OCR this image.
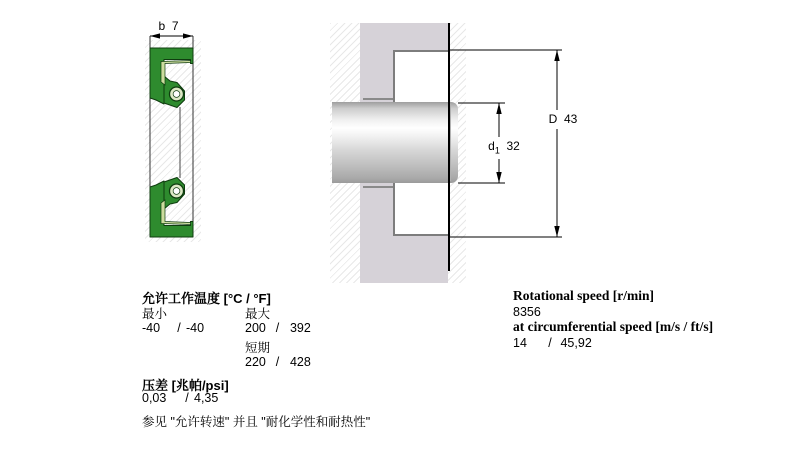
b 7
D 43
$d_1$ 32
允许工作温度 [°C / °F]
最小	最大
-40 / -40	200 / 392
短期
220 / 428
压差 [兆帕/psi]
0,03 / 4,35
参见 "允许转速" 并且 "耐化学性和耐热性"
Rotational speed [r/min]
8356
at circumferential speed [m/s / ft/s]
14 / 45,92
